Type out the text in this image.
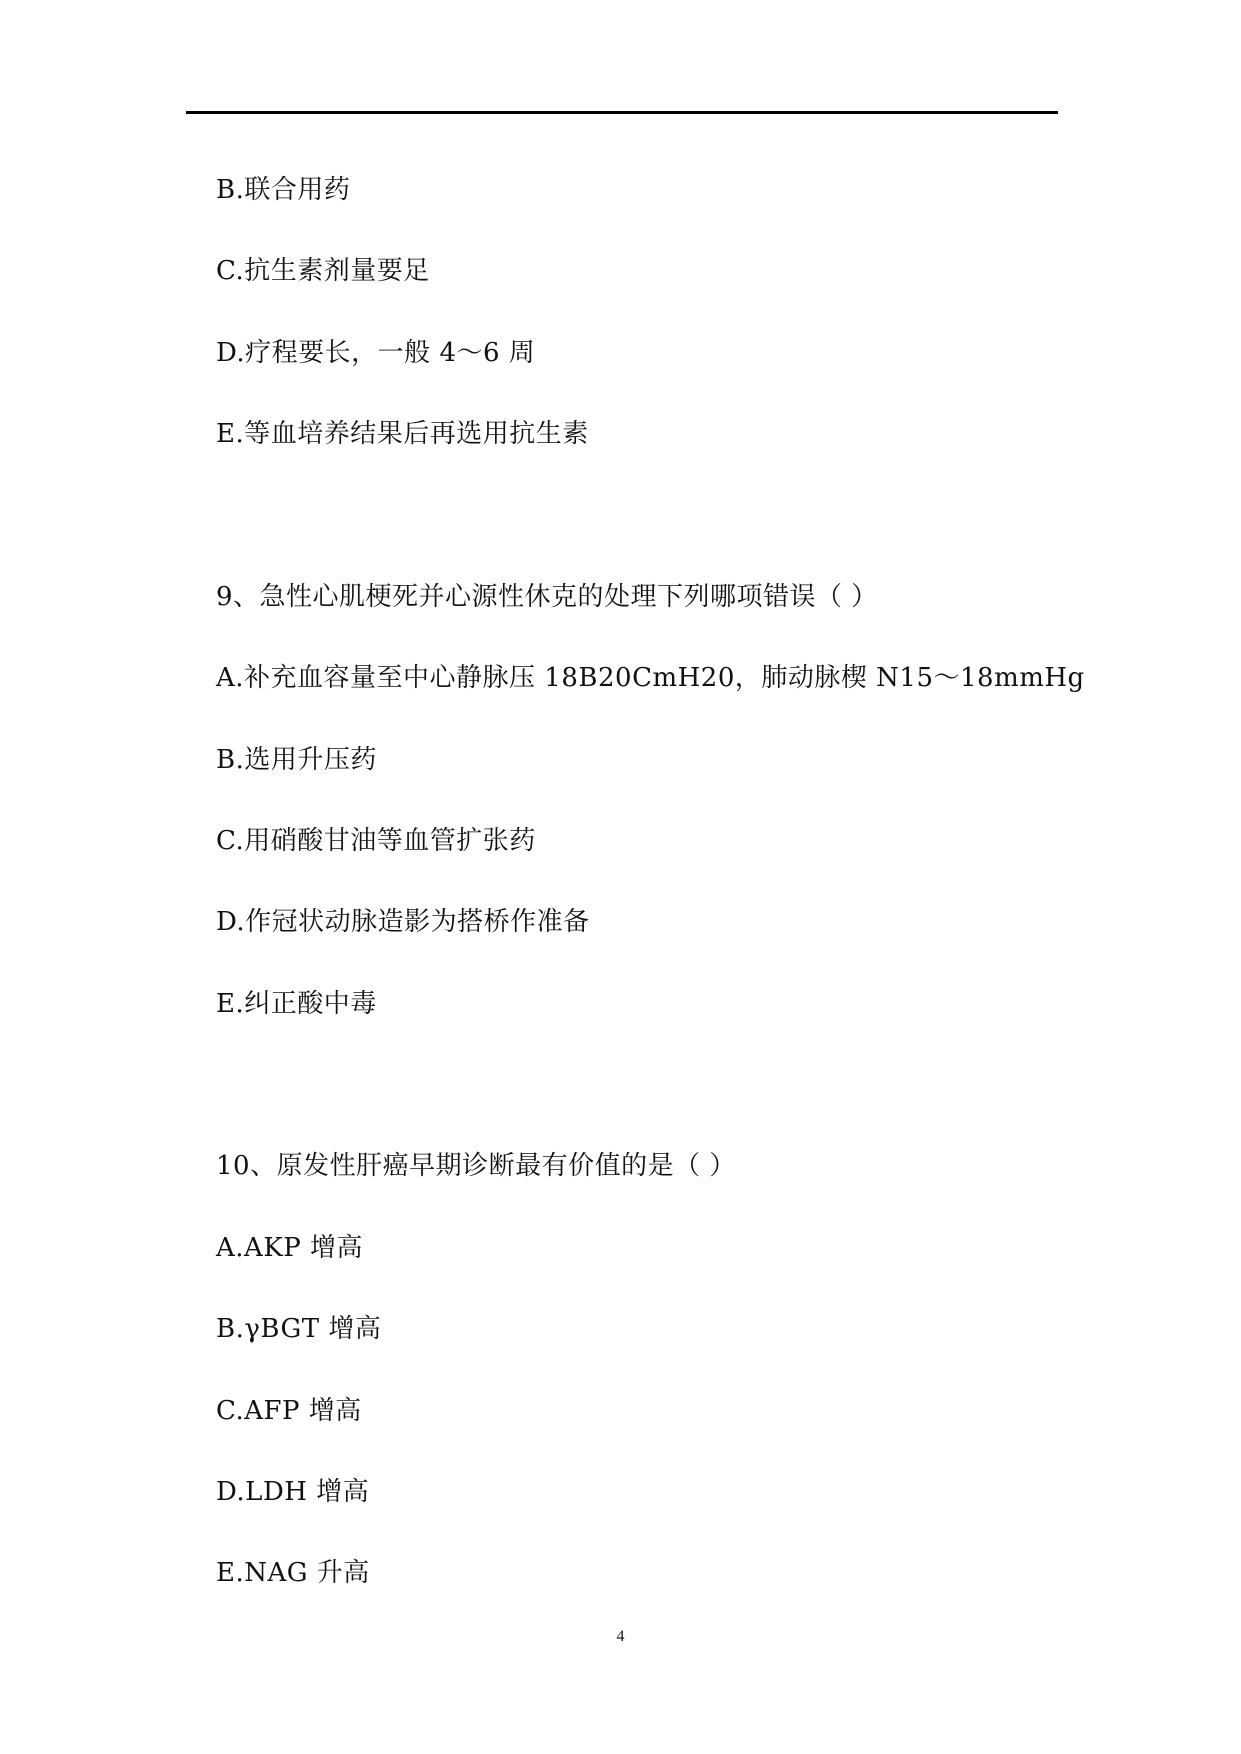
B.联合用药
C.抗生素剂量要足
D.疗程要长，一般 4～6 周
E.等血培养结果后再选用抗生素
9、急性心肌梗死并心源性休克的处理下列哪项错误（ ）
A.补充血容量至中心静脉压 18B20CmH20，肺动脉楔 N15～18mmHg
B.选用升压药
C.用硝酸甘油等血管扩张药
D.作冠状动脉造影为搭桥作准备
E.纠正酸中毒
10、原发性肝癌早期诊断最有价值的是（ ）
A.AKP 增高
B.γBGT 增高
C.AFP 增高
D.LDH 增高
E.NAG 升高
4
